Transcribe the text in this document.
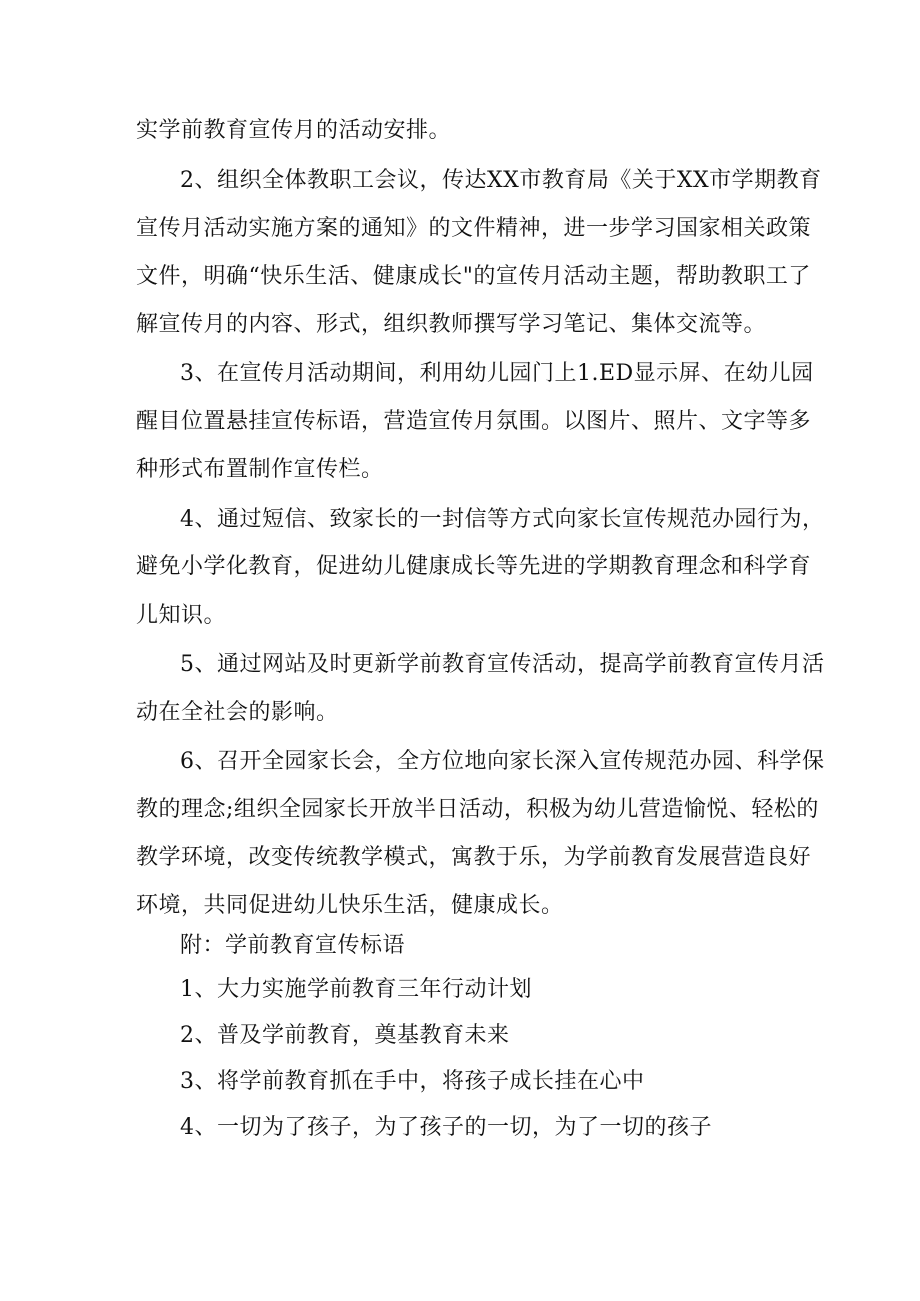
实学前教育宣传月的活动安排。
2、组织全体教职工会议，传达XX市教育局《关于XX市学期教育
宣传月活动实施方案的通知》的文件精神，进一步学习国家相关政策
文件，明确“快乐生活、健康成长"的宣传月活动主题，帮助教职工了
解宣传月的内容、形式，组织教师撰写学习笔记、集体交流等。
3、在宣传月活动期间，利用幼儿园门上1.ED显示屏、在幼儿园
醒目位置悬挂宣传标语，营造宣传月氛围。以图片、照片、文字等多
种形式布置制作宣传栏。
4、通过短信、致家长的一封信等方式向家长宣传规范办园行为，
避免小学化教育，促进幼儿健康成长等先进的学期教育理念和科学育
儿知识。
5、通过网站及时更新学前教育宣传活动，提高学前教育宣传月活
动在全社会的影响。
6、召开全园家长会，全方位地向家长深入宣传规范办园、科学保
教的理念;组织全园家长开放半日活动，积极为幼儿营造愉悦、轻松的
教学环境，改变传统教学模式，寓教于乐，为学前教育发展营造良好
环境，共同促进幼儿快乐生活，健康成长。
附：学前教育宣传标语
1、大力实施学前教育三年行动计划
2、普及学前教育，奠基教育未来
3、将学前教育抓在手中，将孩子成长挂在心中
4、一切为了孩子，为了孩子的一切，为了一切的孩子
